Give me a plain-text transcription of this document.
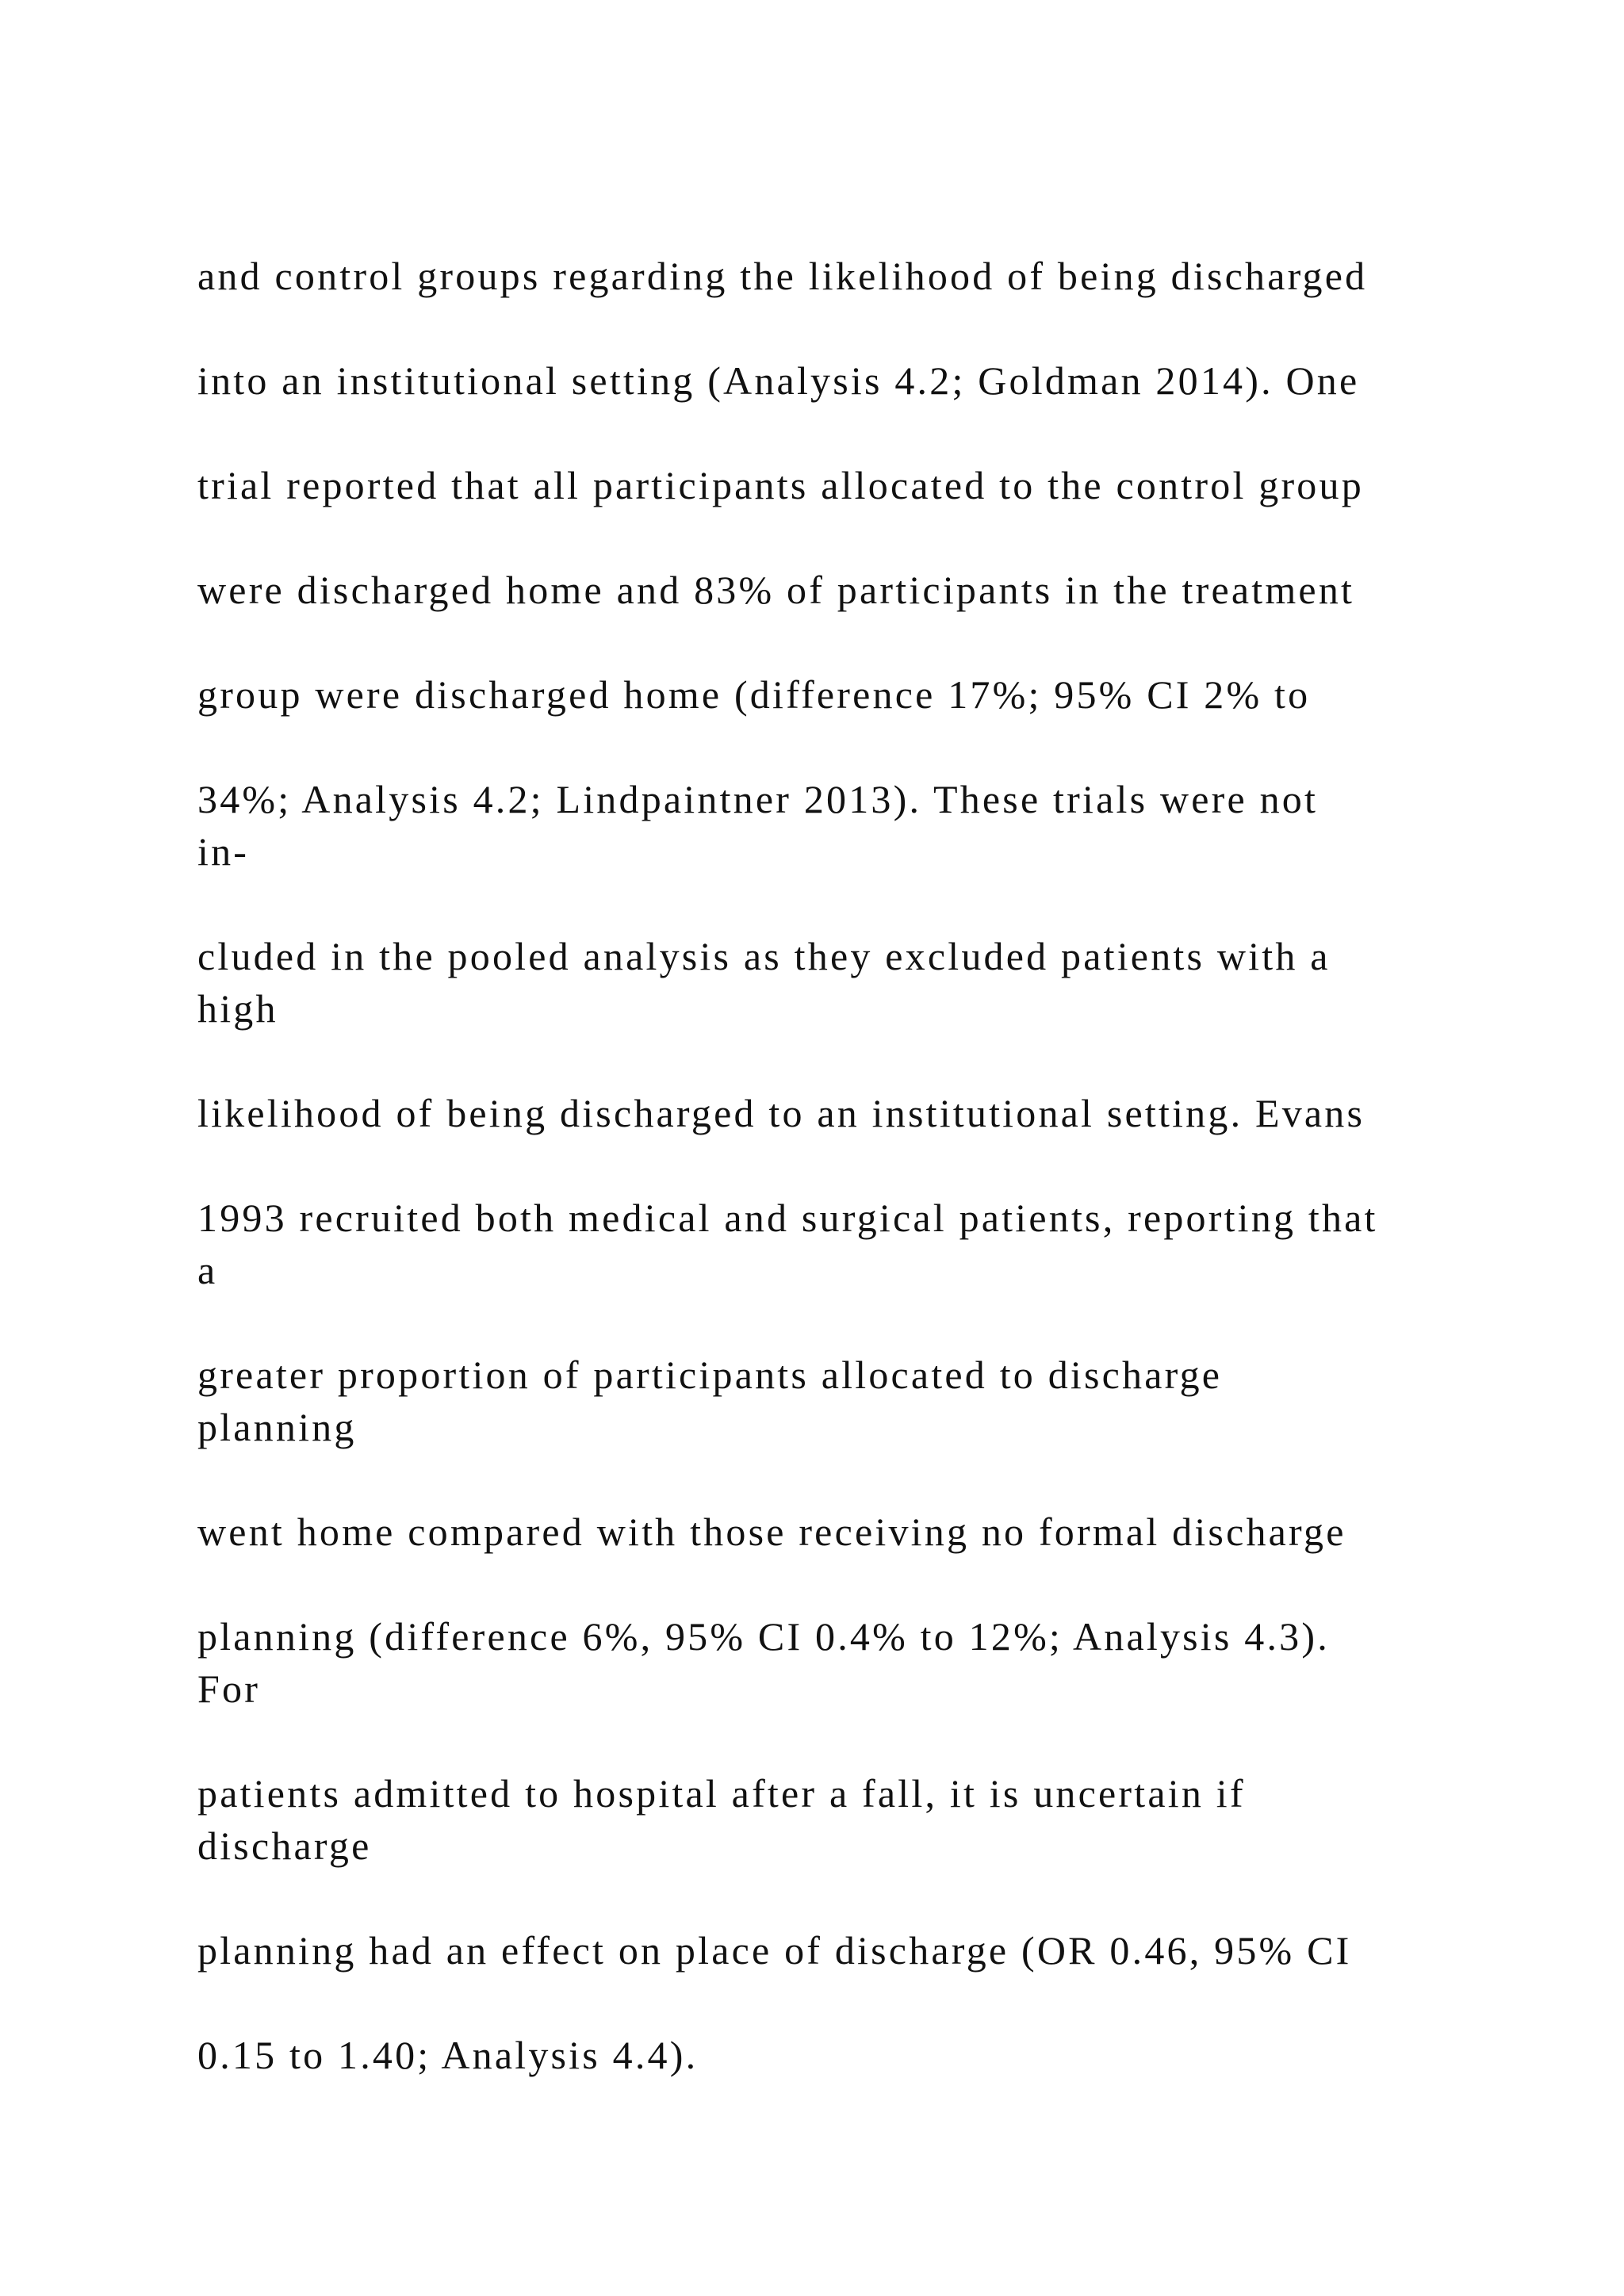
and control groups regarding the likelihood of being discharged

into an institutional setting (Analysis 4.2; Goldman 2014). One

trial reported that all participants allocated to the control group

were discharged home and 83% of participants in the treatment

group were discharged home (difference 17%; 95% CI 2% to

34%; Analysis 4.2; Lindpaintner 2013). These trials were not

in-

cluded in the pooled analysis as they excluded patients with a

high

likelihood of being discharged to an institutional setting. Evans

1993 recruited both medical and surgical patients, reporting that

a

greater proportion of participants allocated to discharge

planning

went home compared with those receiving no formal discharge

planning (difference 6%, 95% CI 0.4% to 12%; Analysis 4.3).

For

patients admitted to hospital after a fall, it is uncertain if

discharge

planning had an effect on place of discharge (OR 0.46, 95% CI

0.15 to 1.40; Analysis 4.4).
